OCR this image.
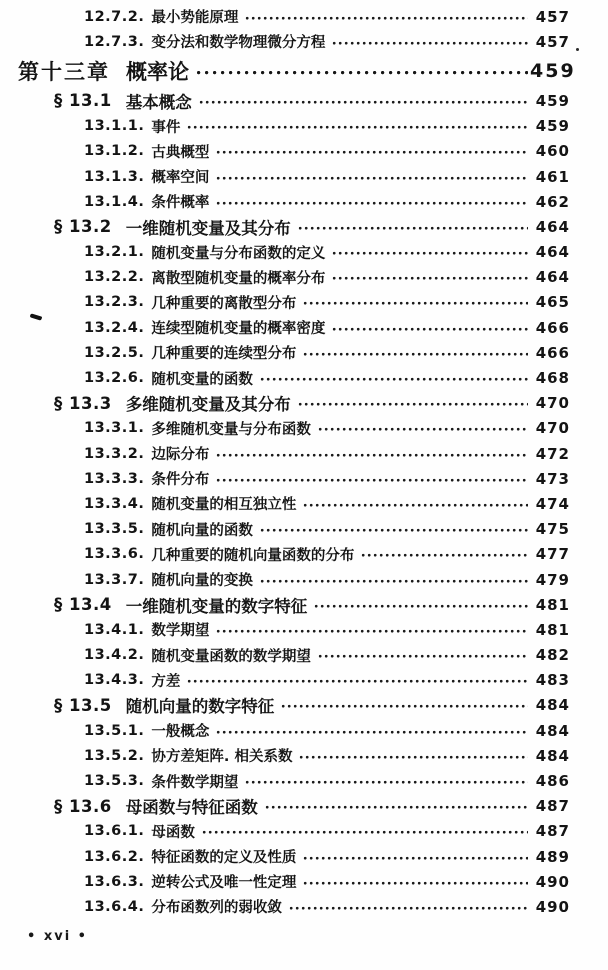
12.7.2. 最小势能原理	457
12.7.3. 变分法和数学物理微分方程	457
第十三章 概率论	459
§ 13.1 基本概念	459
13.1.1. 事件	459
13.1.2. 古典概型	460
13.1.3. 概率空间	461
13.1.4. 条件概率	462
§ 13.2 一维随机变量及其分布	464
13.2.1. 随机变量与分布函数的定义	464
13.2.2. 离散型随机变量的概率分布	464
13.2.3. 几种重要的离散型分布	465
13.2.4. 连续型随机变量的概率密度	466
13.2.5. 几种重要的连续型分布	466
13.2.6. 随机变量的函数	468
§ 13.3 多维随机变量及其分布	470
13.3.1. 多维随机变量与分布函数	470
13.3.2. 边际分布	472
13.3.3. 条件分布	473
13.3.4. 随机变量的相互独立性	474
13.3.5. 随机向量的函数	475
13.3.6. 几种重要的随机向量函数的分布	477
13.3.7. 随机向量的变换	479
§ 13.4 一维随机变量的数字特征	481
13.4.1. 数学期望	481
13.4.2. 随机变量函数的数学期望	482
13.4.3. 方差	483
§ 13.5 随机向量的数字特征	484
13.5.1. 一般概念	484
13.5.2. 协方差矩阵. 相关系数	484
13.5.3. 条件数学期望	486
§ 13.6 母函数与特征函数	487
13.6.1. 母函数	487
13.6.2. 特征函数的定义及性质	489
13.6.3. 逆转公式及唯一性定理	490
13.6.4. 分布函数列的弱收敛	490
• xvi •
